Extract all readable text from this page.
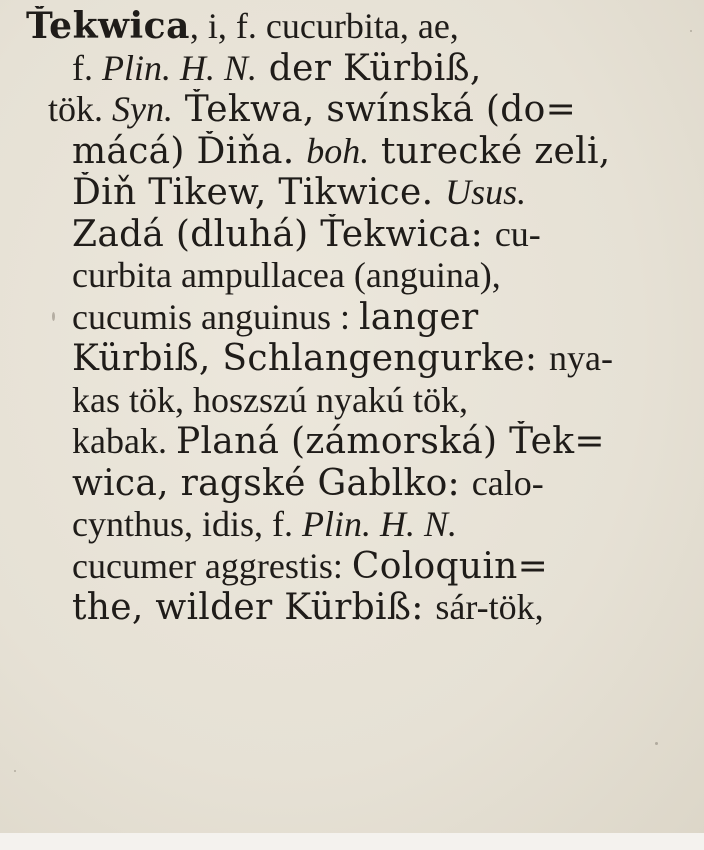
Ťekwica, i, f. cucurbita, ae,
f. Plin. H. N. der Kürbiß,
tök. Syn. Ťekwa, swínská (do=
mácá) Ďiňa. boh. turecké zeli,
Ďiň Tikew, Tikwice. Usus.
Zadá (dluhá) Ťekwica: cu-
curbita ampullacea (anguina),
cucumis anguinus : langer
Kürbiß, Schlangengurke: nya-
kas tök, hoszszú nyakú tök,
kabak. Planá (zámorská) Ťek=
wica, ragské Gablko: calo-
cynthus, idis, f. Plin. H. N.
cucumer aggrestis: Coloquin=
the, wilder Kürbiß: sár-tök,
